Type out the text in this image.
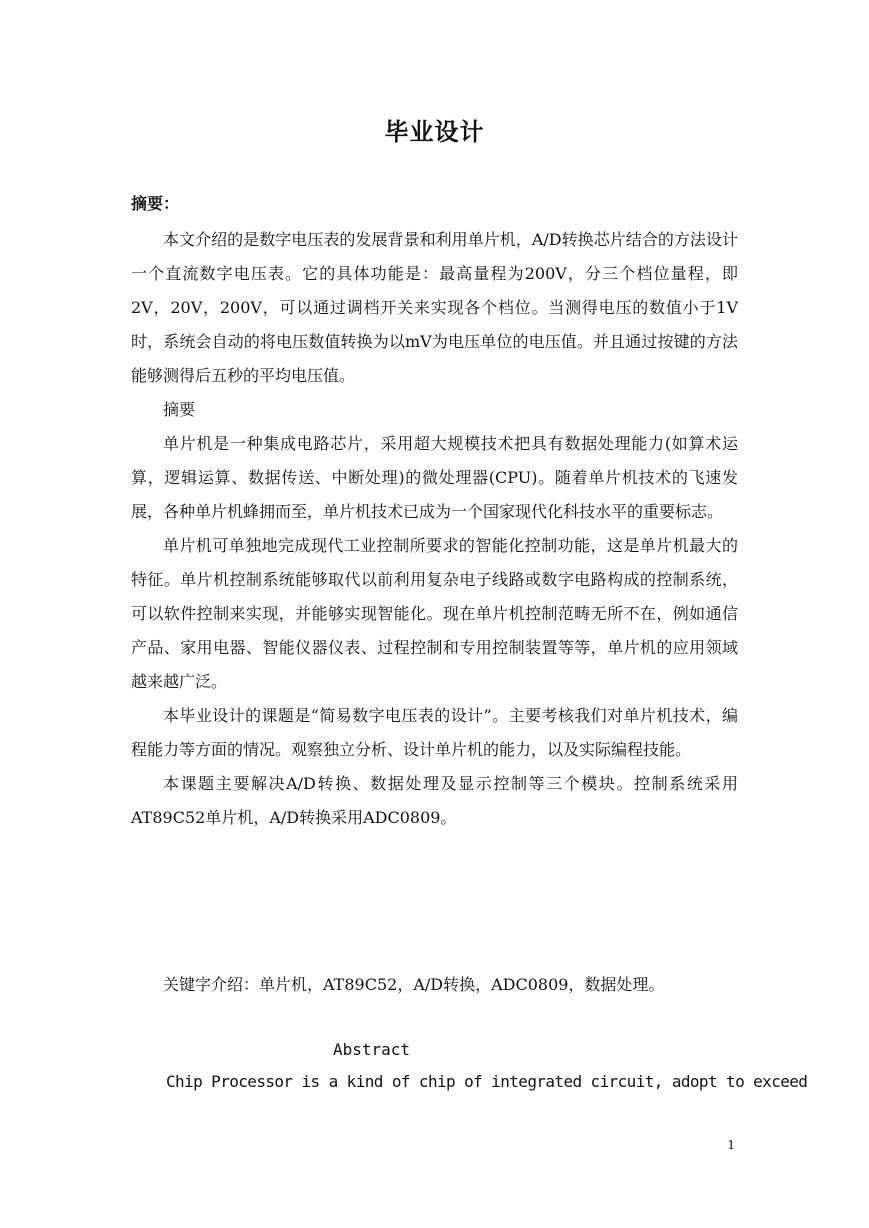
毕业设计
摘要：

本文介绍的是数字电压表的发展背景和利用单片机，A/D转换芯片结合的方法设计一个直流数字电压表。它的具体功能是：最高量程为200V，分三个档位量程，即2V，20V，200V，可以通过调档开关来实现各个档位。当测得电压的数值小于1V时，系统会自动的将电压数值转换为以mV为电压单位的电压值。并且通过按键的方法能够测得后五秒的平均电压值。

摘要

单片机是一种集成电路芯片，采用超大规模技术把具有数据处理能力(如算术运算，逻辑运算、数据传送、中断处理)的微处理器(CPU)。随着单片机技术的飞速发展，各种单片机蜂拥而至，单片机技术已成为一个国家现代化科技水平的重要标志。

单片机可单独地完成现代工业控制所要求的智能化控制功能，这是单片机最大的特征。单片机控制系统能够取代以前利用复杂电子线路或数字电路构成的控制系统，可以软件控制来实现，并能够实现智能化。现在单片机控制范畴无所不在，例如通信产品、家用电器、智能仪器仪表、过程控制和专用控制装置等等，单片机的应用领域越来越广泛。

本毕业设计的课题是“简易数字电压表的设计”。主要考核我们对单片机技术，编程能力等方面的情况。观察独立分析、设计单片机的能力，以及实际编程技能。

本课题主要解决A/D转换、数据处理及显示控制等三个模块。控制系统采用AT89C52单片机，A/D转换采用ADC0809。

关键字介绍：单片机，AT89C52，A/D转换，ADC0809，数据处理。

Abstract

Chip Processor is a kind of chip of integrated circuit, adopt to exceed

1
